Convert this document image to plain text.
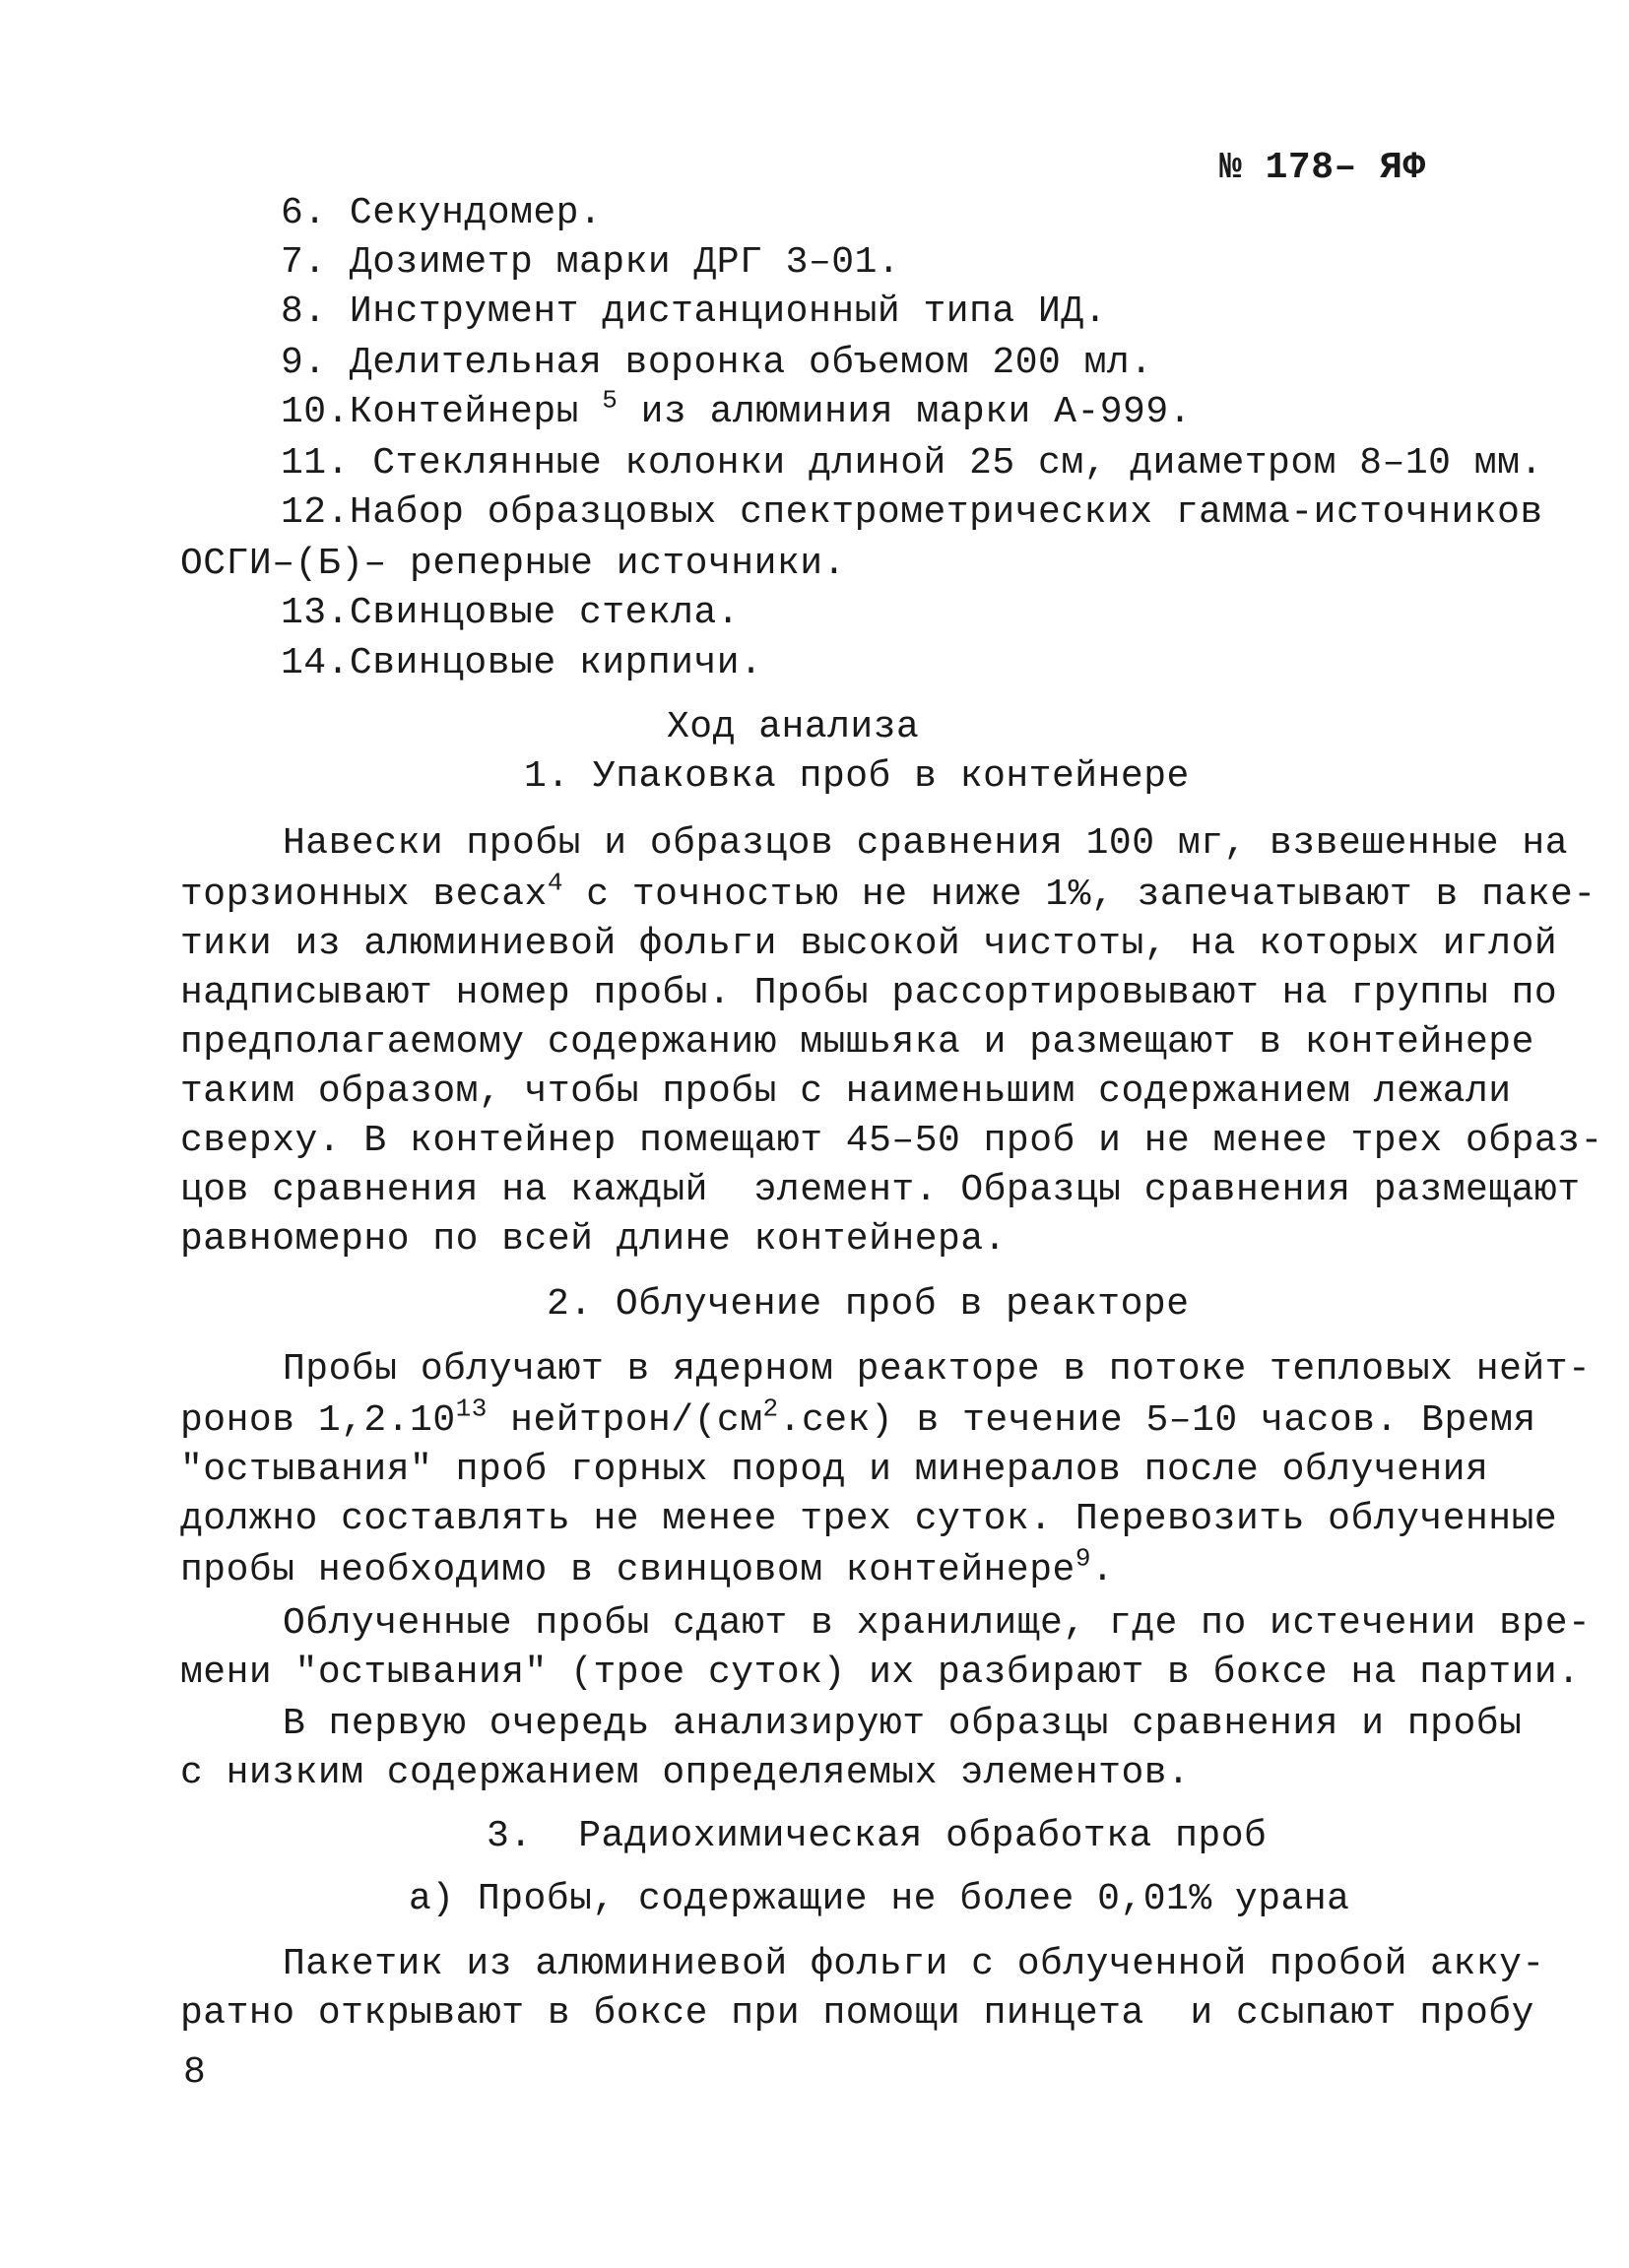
№ 178– ЯФ
6. Секундомер.
7. Дозиметр марки ДРГ 3–01.
8. Инструмент дистанционный типа ИД.
9. Делительная воронка объемом 200 мл.
10.Контейнеры $^5$ из алюминия марки А-999.
11. Стеклянные колонки длиной 25 см, диаметром 8–10 мм.
12.Набор образцовых спектрометрических гамма-источников
ОСГИ–(Б)– реперные источники.
13.Свинцовые стекла.
14.Свинцовые кирпичи.
Ход анализа
1. Упаковка проб в контейнере
Навески пробы и образцов сравнения 100 мг, взвешенные на
торзионных весах$^4$ с точностью не ниже 1%, запечатывают в паке-
тики из алюминиевой фольги высокой чистоты, на которых иглой
надписывают номер пробы. Пробы рассортировывают на группы по
предполагаемому содержанию мышьяка и размещают в контейнере
таким образом, чтобы пробы с наименьшим содержанием лежали
сверху. В контейнер помещают 45–50 проб и не менее трех образ-
цов сравнения на каждый  элемент. Образцы сравнения размещают
равномерно по всей длине контейнера.
2. Облучение проб в реакторе
Пробы облучают в ядерном реакторе в потоке тепловых нейт-
ронов 1,2.10$^{13}$ нейтрон/$(см^2.сек)$ в течение 5–10 часов. Время
"остывания" проб горных пород и минералов после облучения
должно составлять не менее трех суток. Перевозить облученные
пробы необходимо в свинцовом контейнере$^9$.
Облученные пробы сдают в хранилище, где по истечении вре-
мени "остывания" (трое суток) их разбирают в боксе на партии.
В первую очередь анализируют образцы сравнения и пробы
с низким содержанием определяемых элементов.
3.  Радиохимическая обработка проб
а) Пробы, содержащие не более 0,01% урана
Пакетик из алюминиевой фольги с облученной пробой акку-
ратно открывают в боксе при помощи пинцета  и ссыпают пробу
8
